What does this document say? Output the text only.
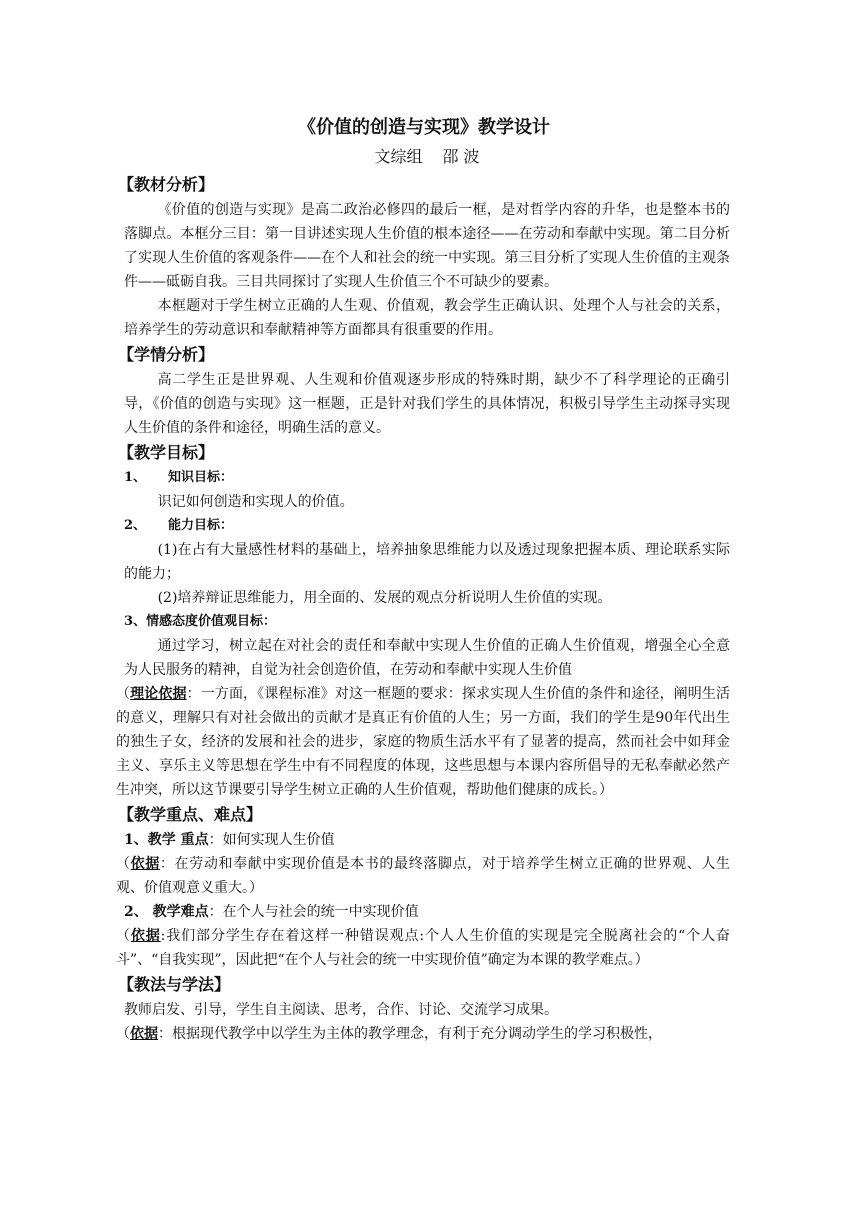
《价值的创造与实现》教学设计
文综组 邵 波
【教材分析】
《价值的创造与实现》是高二政治必修四的最后一框，是对哲学内容的升华，也是整本书的落脚点。本框分三目：第一目讲述实现人生价值的根本途径——在劳动和奉献中实现。第二目分析了实现人生价值的客观条件——在个人和社会的统一中实现。第三目分析了实现人生价值的主观条件——砥砺自我。三目共同探讨了实现人生价值三个不可缺少的要素。
本框题对于学生树立正确的人生观、价值观，教会学生正确认识、处理个人与社会的关系，培养学生的劳动意识和奉献精神等方面都具有很重要的作用。
【学情分析】
高二学生正是世界观、人生观和价值观逐步形成的特殊时期，缺少不了科学理论的正确引导，《价值的创造与实现》这一框题，正是针对我们学生的具体情况，积极引导学生主动探寻实现人生价值的条件和途径，明确生活的意义。
【教学目标】
1、 知识目标：
识记如何创造和实现人的价值。
2、 能力目标：
(1)在占有大量感性材料的基础上，培养抽象思维能力以及透过现象把握本质、理论联系实际的能力；
(2)培养辩证思维能力，用全面的、发展的观点分析说明人生价值的实现。
3、情感态度价值观目标：
通过学习，树立起在对社会的责任和奉献中实现人生价值的正确人生价值观，增强全心全意为人民服务的精神，自觉为社会创造价值，在劳动和奉献中实现人生价值
（理论依据：一方面，《课程标准》对这一框题的要求：探求实现人生价值的条件和途径，阐明生活的意义，理解只有对社会做出的贡献才是真正有价值的人生；另一方面，我们的学生是90年代出生的独生子女，经济的发展和社会的进步，家庭的物质生活水平有了显著的提高，然而社会中如拜金主义、享乐主义等思想在学生中有不同程度的体现，这些思想与本课内容所倡导的无私奉献必然产生冲突，所以这节课要引导学生树立正确的人生价值观，帮助他们健康的成长。）
【教学重点、难点】
1、教学 重点：如何实现人生价值
（依据：在劳动和奉献中实现价值是本书的最终落脚点，对于培养学生树立正确的世界观、人生观、价值观意义重大。）
2、 教学难点：在个人与社会的统一中实现价值
（依据:我们部分学生存在着这样一种错误观点:个人人生价值的实现是完全脱离社会的“个人奋斗”、“自我实现”，因此把“在个人与社会的统一中实现价值”确定为本课的教学难点。）
【教法与学法】
教师启发、引导，学生自主阅读、思考，合作、讨论、交流学习成果。
（依据：根据现代教学中以学生为主体的教学理念，有利于充分调动学生的学习积极性，
